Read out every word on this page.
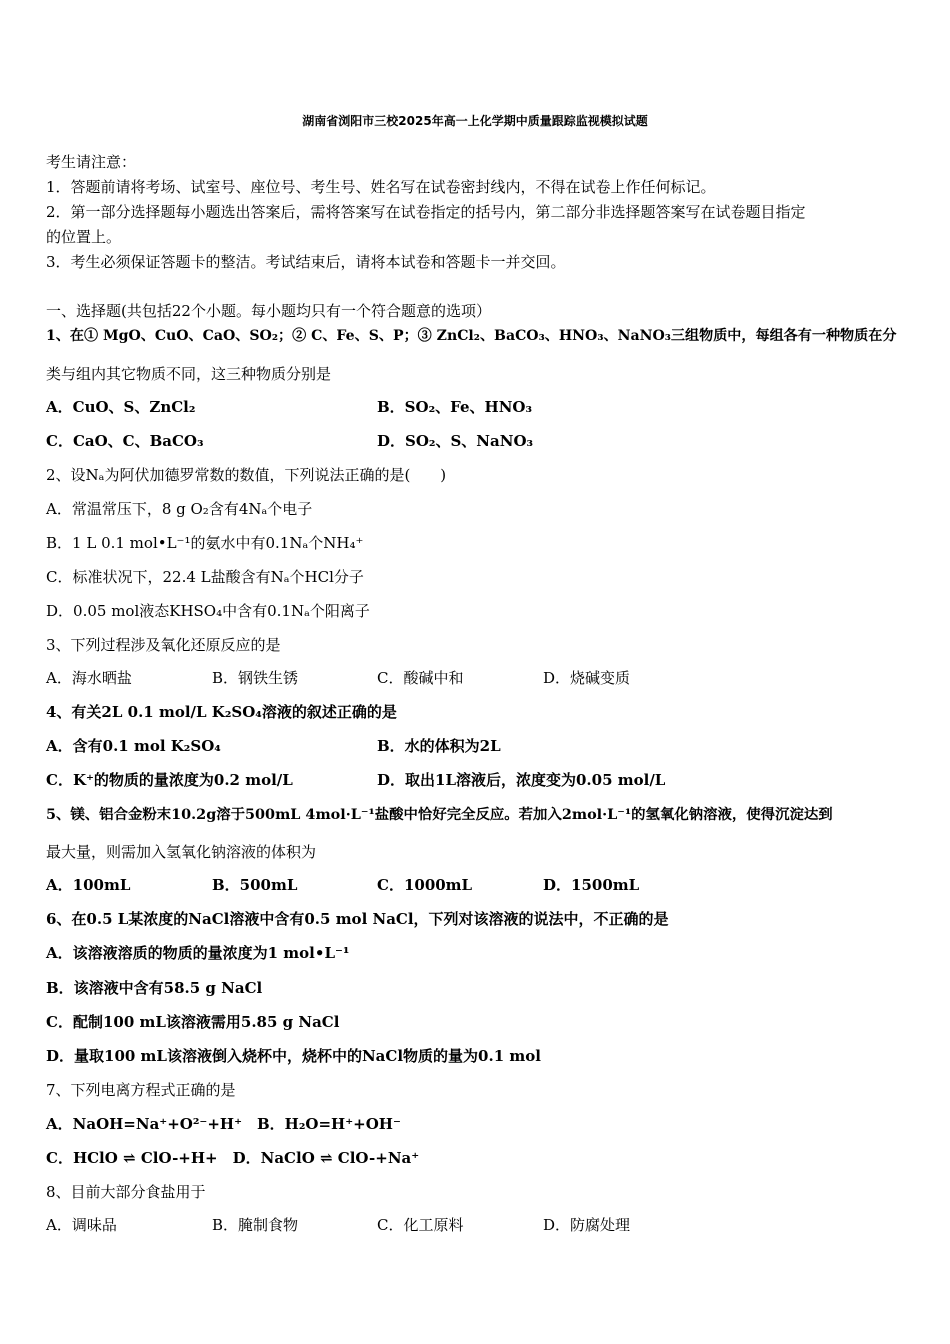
湖南省浏阳市三校2025年高一上化学期中质量跟踪监视模拟试题
考生请注意：
1．答题前请将考场、试室号、座位号、考生号、姓名写在试卷密封线内，不得在试卷上作任何标记。
2．第一部分选择题每小题选出答案后，需将答案写在试卷指定的括号内，第二部分非选择题答案写在试卷题目指定
的位置上。
3．考生必须保证答题卡的整洁。考试结束后，请将本试卷和答题卡一并交回。
一、选择题(共包括22个小题。每小题均只有一个符合题意的选项）
1、在① MgO、CuO、CaO、SO₂；② C、Fe、S、P；③ ZnCl₂、BaCO₃、HNO₃、NaNO₃三组物质中，每组各有一种物质在分
类与组内其它物质不同，这三种物质分别是
A．CuO、S、ZnCl₂	B．SO₂、Fe、HNO₃
C．CaO、C、BaCO₃	D．SO₂、S、NaNO₃
2、设Nₐ为阿伏加德罗常数的数值，下列说法正确的是(　　)
A．常温常压下，8 g O₂含有4Nₐ个电子
B．1 L 0.1 mol•L⁻¹的氨水中有0.1Nₐ个NH₄⁺
C．标准状况下，22.4 L盐酸含有Nₐ个HCl分子
D．0.05 mol液态KHSO₄中含有0.1Nₐ个阳离子
3、下列过程涉及氧化还原反应的是
A．海水晒盐	B．钢铁生锈	C．酸碱中和	D．烧碱变质
4、有关2L 0.1 mol/L K₂SO₄溶液的叙述正确的是
A．含有0.1 mol K₂SO₄	B．水的体积为2L
C．K⁺的物质的量浓度为0.2 mol/L	D．取出1L溶液后，浓度变为0.05 mol/L
5、镁、铝合金粉末10.2g溶于500mL 4mol·L⁻¹盐酸中恰好完全反应。若加入2mol·L⁻¹的氢氧化钠溶液，使得沉淀达到
最大量，则需加入氢氧化钠溶液的体积为
A．100mL	B．500mL	C．1000mL	D．1500mL
6、在0.5 L某浓度的NaCl溶液中含有0.5 mol NaCl，下列对该溶液的说法中，不正确的是
A．该溶液溶质的物质的量浓度为1 mol•L⁻¹
B．该溶液中含有58.5 g NaCl
C．配制100 mL该溶液需用5.85 g NaCl
D．量取100 mL该溶液倒入烧杯中，烧杯中的NaCl物质的量为0.1 mol
7、下列电离方程式正确的是
A．NaOH=Na⁺+O²⁻+H⁺　B．H₂O=H⁺+OH⁻
C．HClO ⇌ ClO-+H+　D．NaClO ⇌ ClO-+Na⁺
8、目前大部分食盐用于
A．调味品	B．腌制食物	C．化工原料	D．防腐处理
